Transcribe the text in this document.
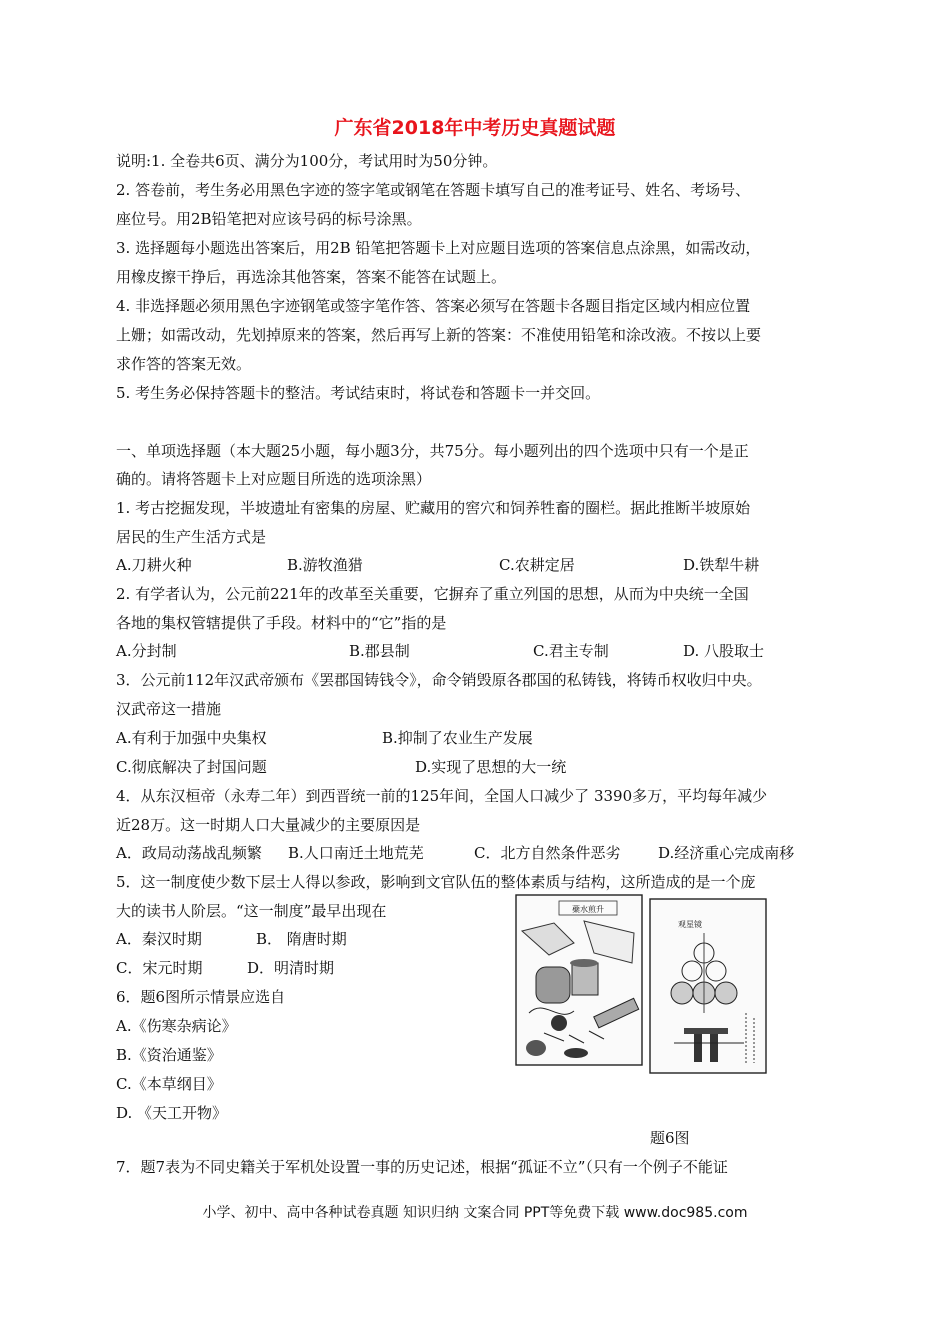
广东省2018年中考历史真题试题
说明:1. 全卷共6页、满分为100分，考试用时为50分钟。
2. 答卷前，考生务必用黑色字迹的签字笔或钢笔在答题卡填写自己的准考证号、姓名、考场号、
座位号。用2B铅笔把对应该号码的标号涂黑。
3. 选择题每小题选出答案后，用2B 铅笔把答题卡上对应题目选项的答案信息点涂黑，如需改动，
用橡皮擦干挣后，再选涂其他答案，答案不能答在试题上。
4. 非选择题必须用黑色字迹钢笔或签字笔作答、答案必须写在答题卡各题目指定区域内相应位置
上姗；如需改动，先划掉原来的答案，然后再写上新的答案：不准使用铅笔和涂改液。不按以上要
求作答的答案无效。
5. 考生务必保持答题卡的整洁。考试结束时，将试卷和答题卡一并交回。
一、单项选择题（本大题25小题，每小题3分，共75分。每小题列出的四个选项中只有一个是正
确的。请将答题卡上对应题目所选的选项涂黑）
1. 考古挖掘发现，半坡遗址有密集的房屋、贮藏用的窖穴和饲养牲畜的圈栏。据此推断半坡原始
居民的生产生活方式是
A.刀耕火种	B.游牧渔猎	C.农耕定居	D.铁犁牛耕
2. 有学者认为，公元前221年的改革至关重要，它摒弃了重立列国的思想，从而为中央统一全国
各地的集权管辖提供了手段。材料中的“它”指的是
A.分封制	B.郡县制	C.君主专制	D. 八股取士
3．公元前112年汉武帝颁布《罢郡国铸钱令》，命令销毁原各郡国的私铸钱，将铸币权收归中央。
汉武帝这一措施
A.有利于加强中央集权	B.抑制了农业生产发展
C.彻底解决了封国问题	D.实现了思想的大一统
4．从东汉桓帝（永寿二年）到西晋统一前的125年间，全国人口减少了 3390多万，平均每年减少
近28万。这一时期人口大量减少的主要原因是
A．政局动荡战乱频繁 B.人口南迁土地荒芜	C．北方自然条件恶劣	D.经济重心完成南移
5．这一制度使少数下层士人得以参政，影响到文官队伍的整体素质与结构，这所造成的是一个庞
大的读书人阶层。“这一制度”最早出现在
A．秦汉时期	B． 隋唐时期
C．宋元时期	D．明清时期
6．题6图所示情景应选自
A.《伤寒杂病论》
B.《资治通鉴》
C.《本草纲目》
D. 《天工开物》
蘗水煎升
观星镜
题6图
7．题7表为不同史籍关于军机处设置一事的历史记述，根据“孤证不立”（只有一个例子不能证
小学、初中、高中各种试卷真题 知识归纳 文案合同 PPT等免费下载 www.doc985.com
